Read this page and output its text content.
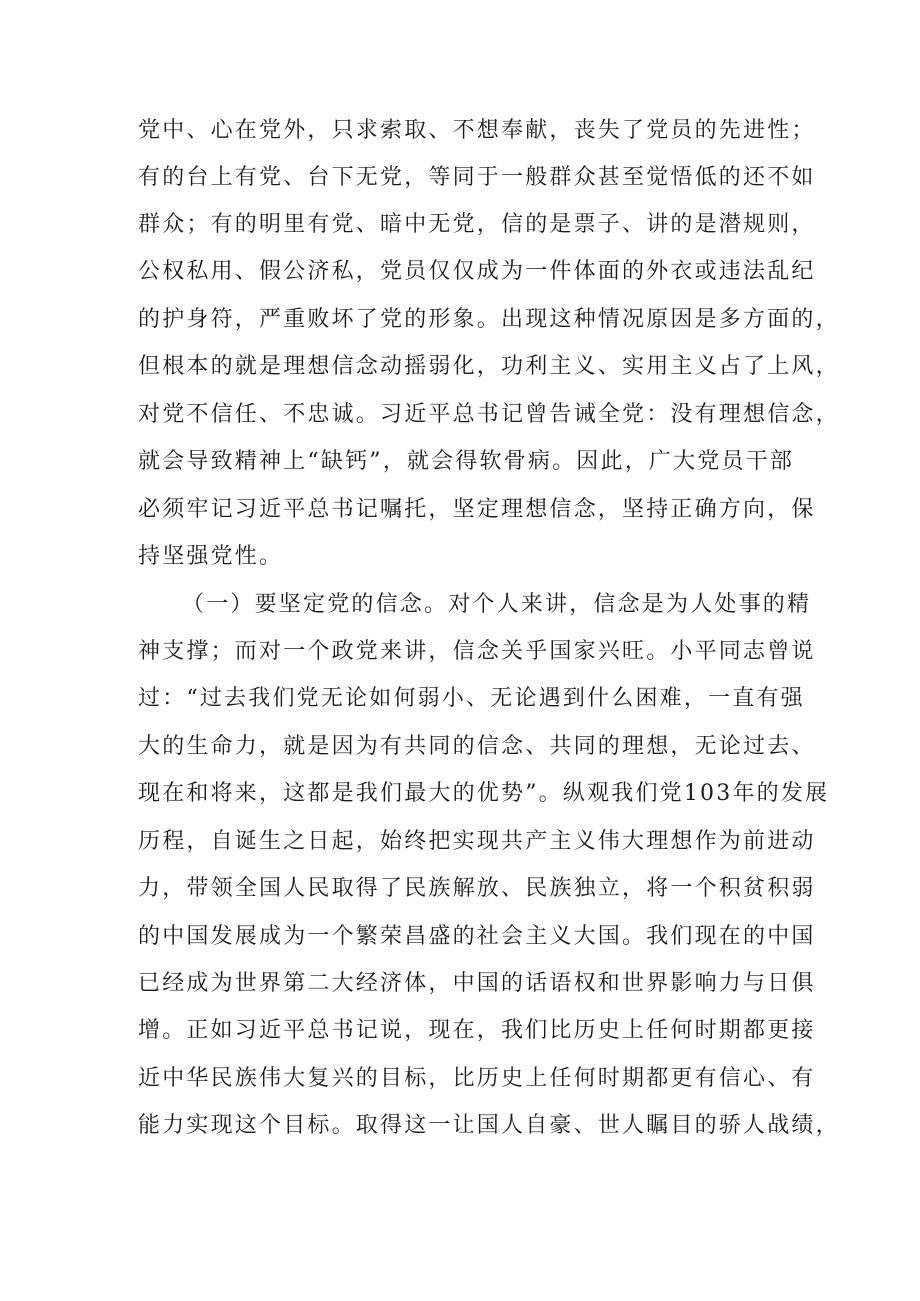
党中、心在党外，只求索取、不想奉献，丧失了党员的先进性；
有的台上有党、台下无党，等同于一般群众甚至觉悟低的还不如
群众；有的明里有党、暗中无党，信的是票子、讲的是潜规则，
公权私用、假公济私，党员仅仅成为一件体面的外衣或违法乱纪
的护身符，严重败坏了党的形象。出现这种情况原因是多方面的，
但根本的就是理想信念动摇弱化，功利主义、实用主义占了上风，
对党不信任、不忠诚。习近平总书记曾告诫全党：没有理想信念，
就会导致精神上“缺钙”，就会得软骨病。因此，广大党员干部
必须牢记习近平总书记嘱托，坚定理想信念，坚持正确方向，保
持坚强党性。
（一）要坚定党的信念。对个人来讲，信念是为人处事的精
神支撑；而对一个政党来讲，信念关乎国家兴旺。小平同志曾说
过：“过去我们党无论如何弱小、无论遇到什么困难，一直有强
大的生命力，就是因为有共同的信念、共同的理想，无论过去、
现在和将来，这都是我们最大的优势”。纵观我们党103年的发展
历程，自诞生之日起，始终把实现共产主义伟大理想作为前进动
力，带领全国人民取得了民族解放、民族独立，将一个积贫积弱
的中国发展成为一个繁荣昌盛的社会主义大国。我们现在的中国
已经成为世界第二大经济体，中国的话语权和世界影响力与日俱
增。正如习近平总书记说，现在，我们比历史上任何时期都更接
近中华民族伟大复兴的目标，比历史上任何时期都更有信心、有
能力实现这个目标。取得这一让国人自豪、世人瞩目的骄人战绩，
